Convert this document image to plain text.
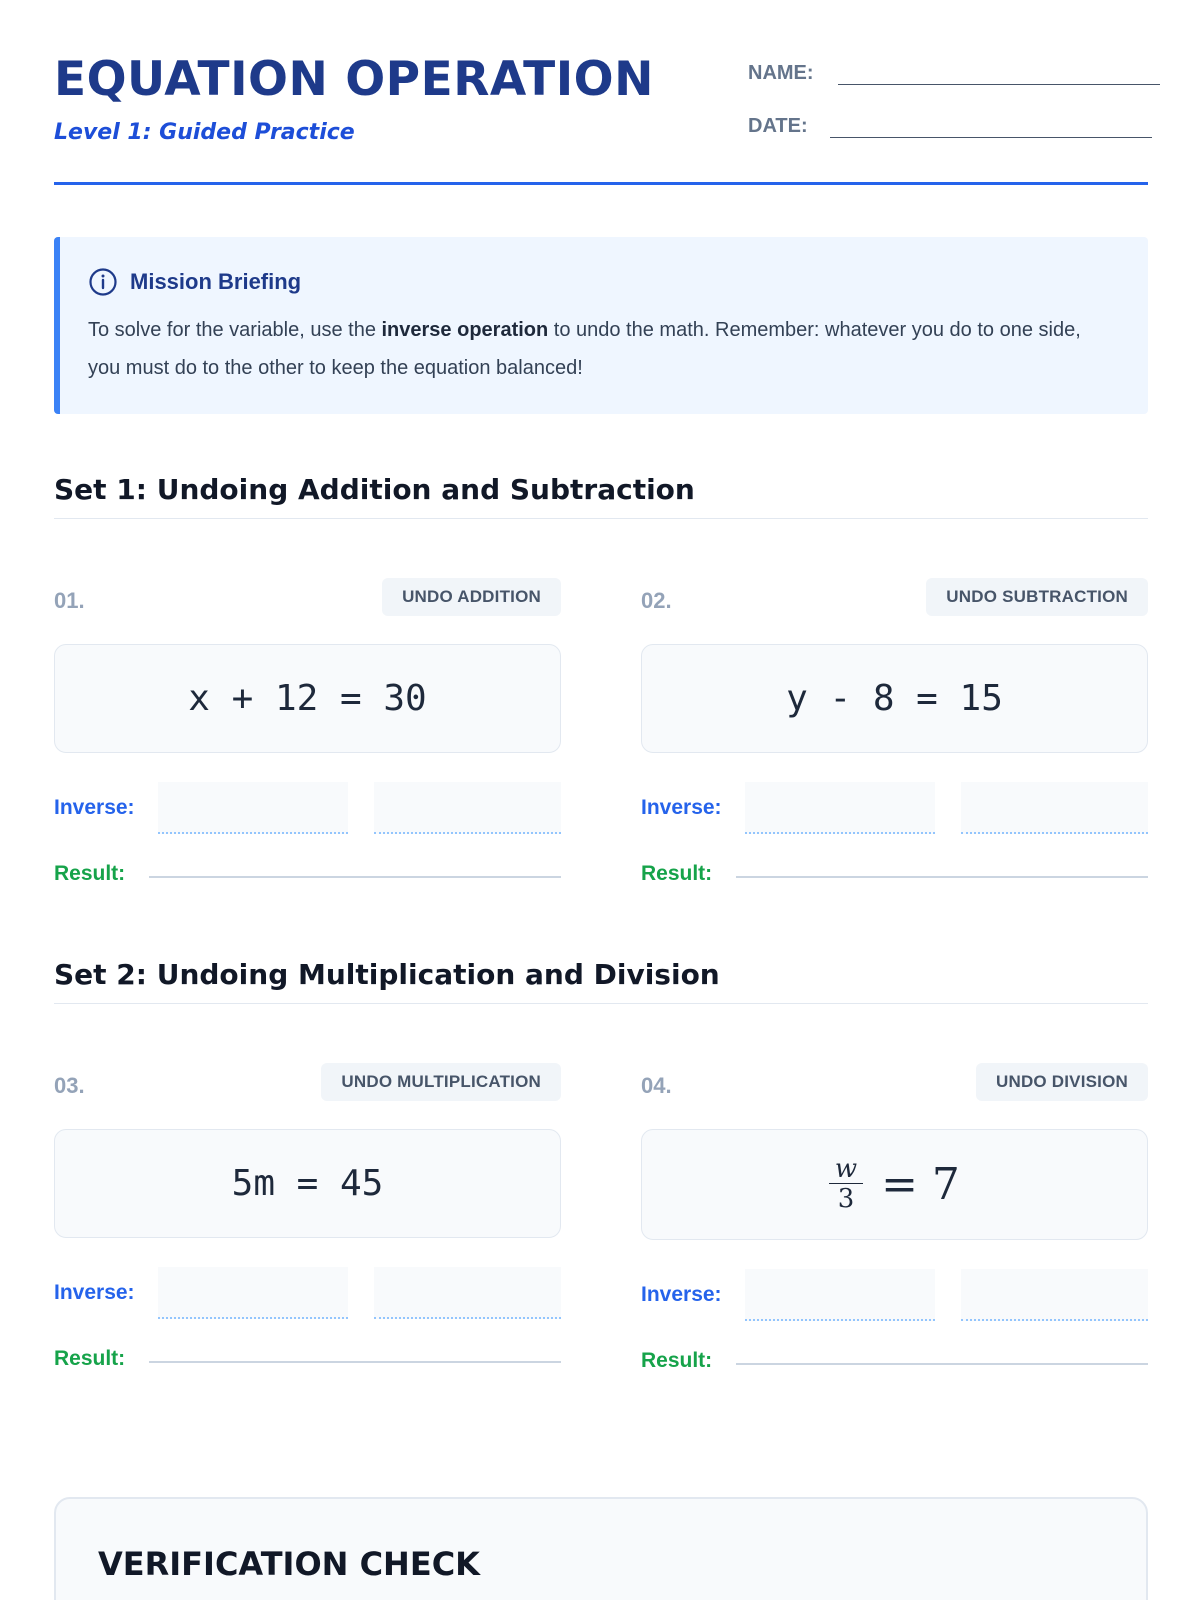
EQUATION OPERATION
Level 1: Guided Practice
NAME:
DATE:
Mission Briefing
To solve for the variable, use the inverse operation to undo the math. Remember: whatever you do to one side, you must do to the other to keep the equation balanced!
Set 1: Undoing Addition and Subtraction
01.	UNDO ADDITION
x + 12 = 30
Inverse:
Result:
02.	UNDO SUBTRACTION
y - 8 = 15
Inverse:
Result:
Set 2: Undoing Multiplication and Division
03.	UNDO MULTIPLICATION
5m = 45
Inverse:
Result:
04.	UNDO DIVISION
$\frac{w}{3} = 7$
Inverse:
Result:
VERIFICATION CHECK
